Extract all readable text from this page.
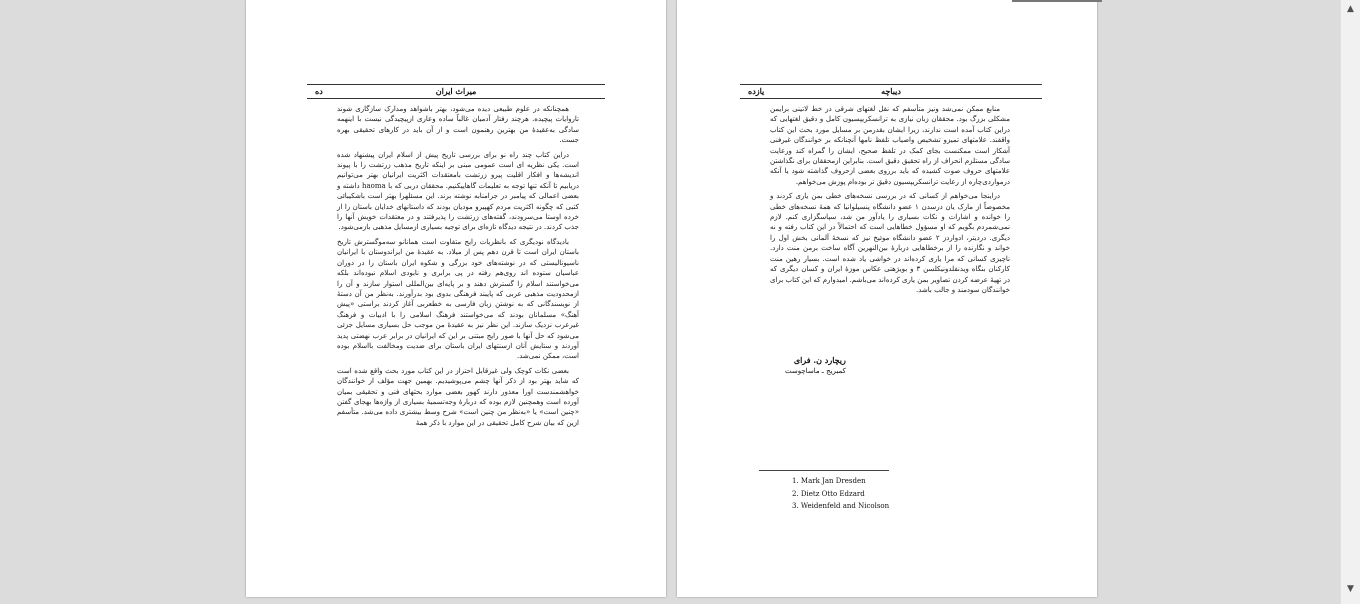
ده	میراث ایران

همچنانکه در علوم طبیعی دیده می‌شود، بهتر باشواهد ومدارک سازگاری شوند تاروایات پیچیده. هرچند رفتار آدمیان غالباً ساده وعاری ازپیچیدگی نیست با اینهمه سادگی به‌عقیدهٔ من بهترین رهنمون است و از آن باید در کارهای تحقیقی بهره جست.

دراین کتاب چند راه نو برای بررسی تاریخ پیش از اسلام ایران پیشنهاد شده است. یکی نظریه ای است عمومی مبنی بر اینکه تاریخ مذهب زرتشت را با پیوند اندیشه‌ها و افکار اقلیت پیرو زرتشت بامعتقدات اکثریت ایرانیان بهتر می‌توانیم دریابیم تا آنکه تنها توجه به تعلیمات گاهاییکنیم. محققان دربی که با haoma داشته و بعضی اعمالی که پیامبر در جرامنابه نوشته برند. این مسئلهرا بهتر است باشکیبائی کتبی که چگونه اکثریت مردم کهپیرو مودیان بودند که داستانهای خدایان باستان را از خرده اوستا می‌سرودند، گفته‌های زرتشت را پذیرفتند و در معتقدات خویش آنها را جذب کردند. در نتیجه دیدگاه تازه‌ای برای توجیه بسیاری ازمسایل مذهبی بازمی‌شود.

بادیدگاه نودیگری که بانظریات رایج متفاوت است همانانو سه‌موگسترش تاریخ باستان ایران است تا قرن دهم پس از میلاد. به عقیدهٔ من ایراندوستان با ایرانیان ناسیونالیستی که در نوشته‌های خود بزرگی و شکوه ایران باستان را در دوران عباسیان ستوده اند روی‌هم رفته در پی برابری و نابودی اسلام نبوده‌اند بلکه می‌خواستند اسلام را گسترش دهند و بر پایه‌ای بین‌المللی استوار سازند و آن را ازمحدودیت مذهبی عربی که پایبند فرهنگی بدوی بود بدرآورند. به‌نظر من آن دستهٔ از نویسندگانی که به نوشتن زبان فارسی به خطعربی آغاز کردند براستی «پیش آهنگ» مسلمانان بودند که می‌خواستند فرهنگ اسلامی را با ادبیات و فرهنگ غیرعرب نزدیک سازند. این نظر نیز به عقیدهٔ من موجب حل بسیاری مسایل جزئی می‌شود که حل آنها با صور رایج مبتنی بر این که ایرانیان در برابر عرب نهضتی پدید آوردند و ستایش آنان ازسنتهای ایران باستان برای ضدیت ومخالفت بااسلام بوده است، ممکن نمی‌شد.

بعضی نکات کوچک ولی غیرقابل احتراز در این کتاب مورد بحث واقع شده است که شاید بهتر بود از ذکر آنها چشم می‌پوشیدیم. بهمین جهت مؤلف از خوانندگان خواهشمندست اورا معذور دارند کهور بعضی موارد بحثهای فنی و تحقیقی بمیان آورده است وهمچنین لازم بوده که دربارهٔ وجه‌تسمیهٔ بسیاری از واژه‌ها بهجای گفتن «چنین است» یا «به‌نظر من چنین است» شرح وسط بیشتری داده می‌شد. متأسفم ازین که بیان شرح کامل تحقیقی در این موارد با ذکر همهٔ

یازده	دیباچه

منابع ممکن نمی‌شد ونیز متأسفم که نقل لغتهای شرقی در خط لاتینی برایمن مشکلی بزرگ بود. محققان زبان نیازی به ترانسکریپسیون کامل و دقیق لغتهایی که دراین کتاب آمده است ندارند، زیرا ایشان بقدرمن بر مسایل مورد بحث این کتاب واقفند. علامتهای تمیزو تشخیص واصیاب تلفظ نامها آنچنانکه بر خوانندگان غیرفنی آشکار است ممکنست بجای کمک در تلفظ صحیح، ایشان را گمراه کند ورعایت سادگی مستلزم انحراف از راه تحقیق دقیق است. بنابراین ازمحققان برای نگذاشتن علامتهای حروف صوت کشیده که باید برروی بعضی ازحروف گذاشته شود یا آنکه درمواردی‌چاره از رعایت ترانسکریپسیون دقیق تر بوده‌ام پوزش می‌خواهم.

دراینجا می‌خواهم از کسانی که در بررسی نسخه‌های خطی بمن یاری کردند و مخصوصاً از مارک یان درسدن ۱ عضو دانشگاه پنسیلوانیا که همهٔ نسخه‌های خطی را خوانده و اشارات و نکات بسیاری را یادآور من شد، سپاسگزاری کنم. لازم نمی‌شمردم بگویم که او مسؤول خطاهایی است که احتمالاً در این کتاب رفته و نه دیگری. دردیتر، ادواردز ۲ عضو دانشگاه موئیخ نیز که نسخهٔ آلمانی بخش اول را خواند و نگارنده را از برخطاهایی دربارهٔ بین‌النهرین آگاه ساخت برمن منت دارد. ناچیزی کسانی که مرا یاری کرده‌اند در خواشی یاد شده است. بسیار رهین منت کارکنان بنگاه ویدنفلدونیکلسن ۳ و بویژهتی عکاس موزهٔ ایران و کسان دیگری که در تهیهٔ عرضه کردن تصاویر بمن یاری کرده‌اند می‌باشم. امیدوارم که این کتاب برای خوانندگان سودمند و جالب باشد.

ریچارد ن. فرای
کمبریج ـ ماساچوست
1. Mark Jan Dresden
2. Dietz Otto Edzard
3. Weidenfeld and Nicolson
▲
▼
